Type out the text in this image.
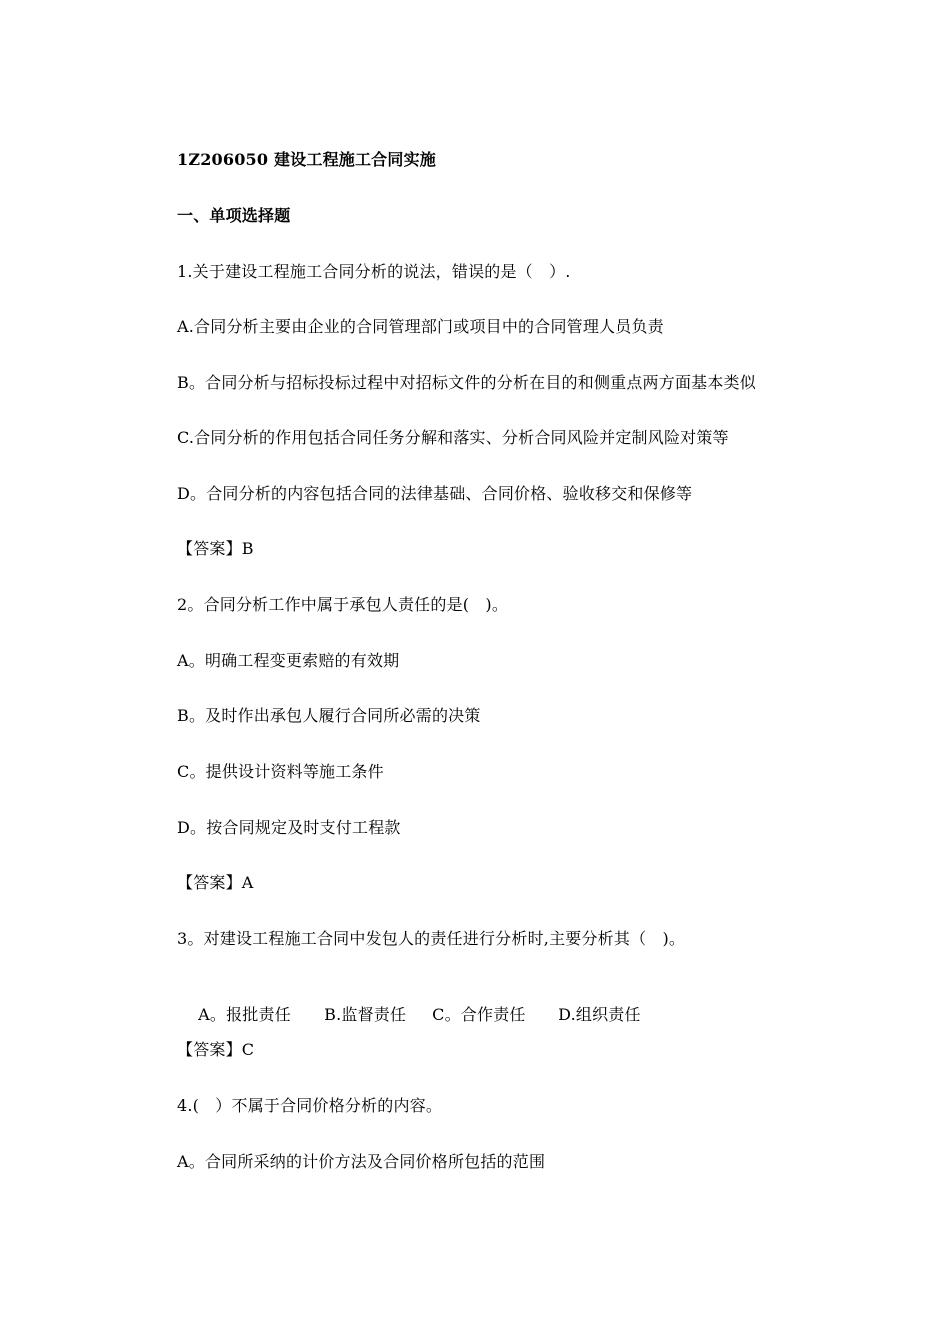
1Z206050 建设工程施工合同实施
一、单项选择题
1.关于建设工程施工合同分析的说法，错误的是（　）.
A.合同分析主要由企业的合同管理部门或项目中的合同管理人员负责
B。合同分析与招标投标过程中对招标文件的分析在目的和侧重点两方面基本类似
C.合同分析的作用包括合同任务分解和落实、分析合同风险并定制风险对策等
D。合同分析的内容包括合同的法律基础、合同价格、验收移交和保修等
【答案】B
2。合同分析工作中属于承包人责任的是(　)。
A。明确工程变更索赔的有效期
B。及时作出承包人履行合同所必需的决策
C。提供设计资料等施工条件
D。按合同规定及时支付工程款
【答案】A
3。对建设工程施工合同中发包人的责任进行分析时,主要分析其（　)。

A。报批责任 B.监督责任 C。合作责任 D.组织责任

【答案】C
4.(　）不属于合同价格分析的内容。
A。合同所采纳的计价方法及合同价格所包括的范围
